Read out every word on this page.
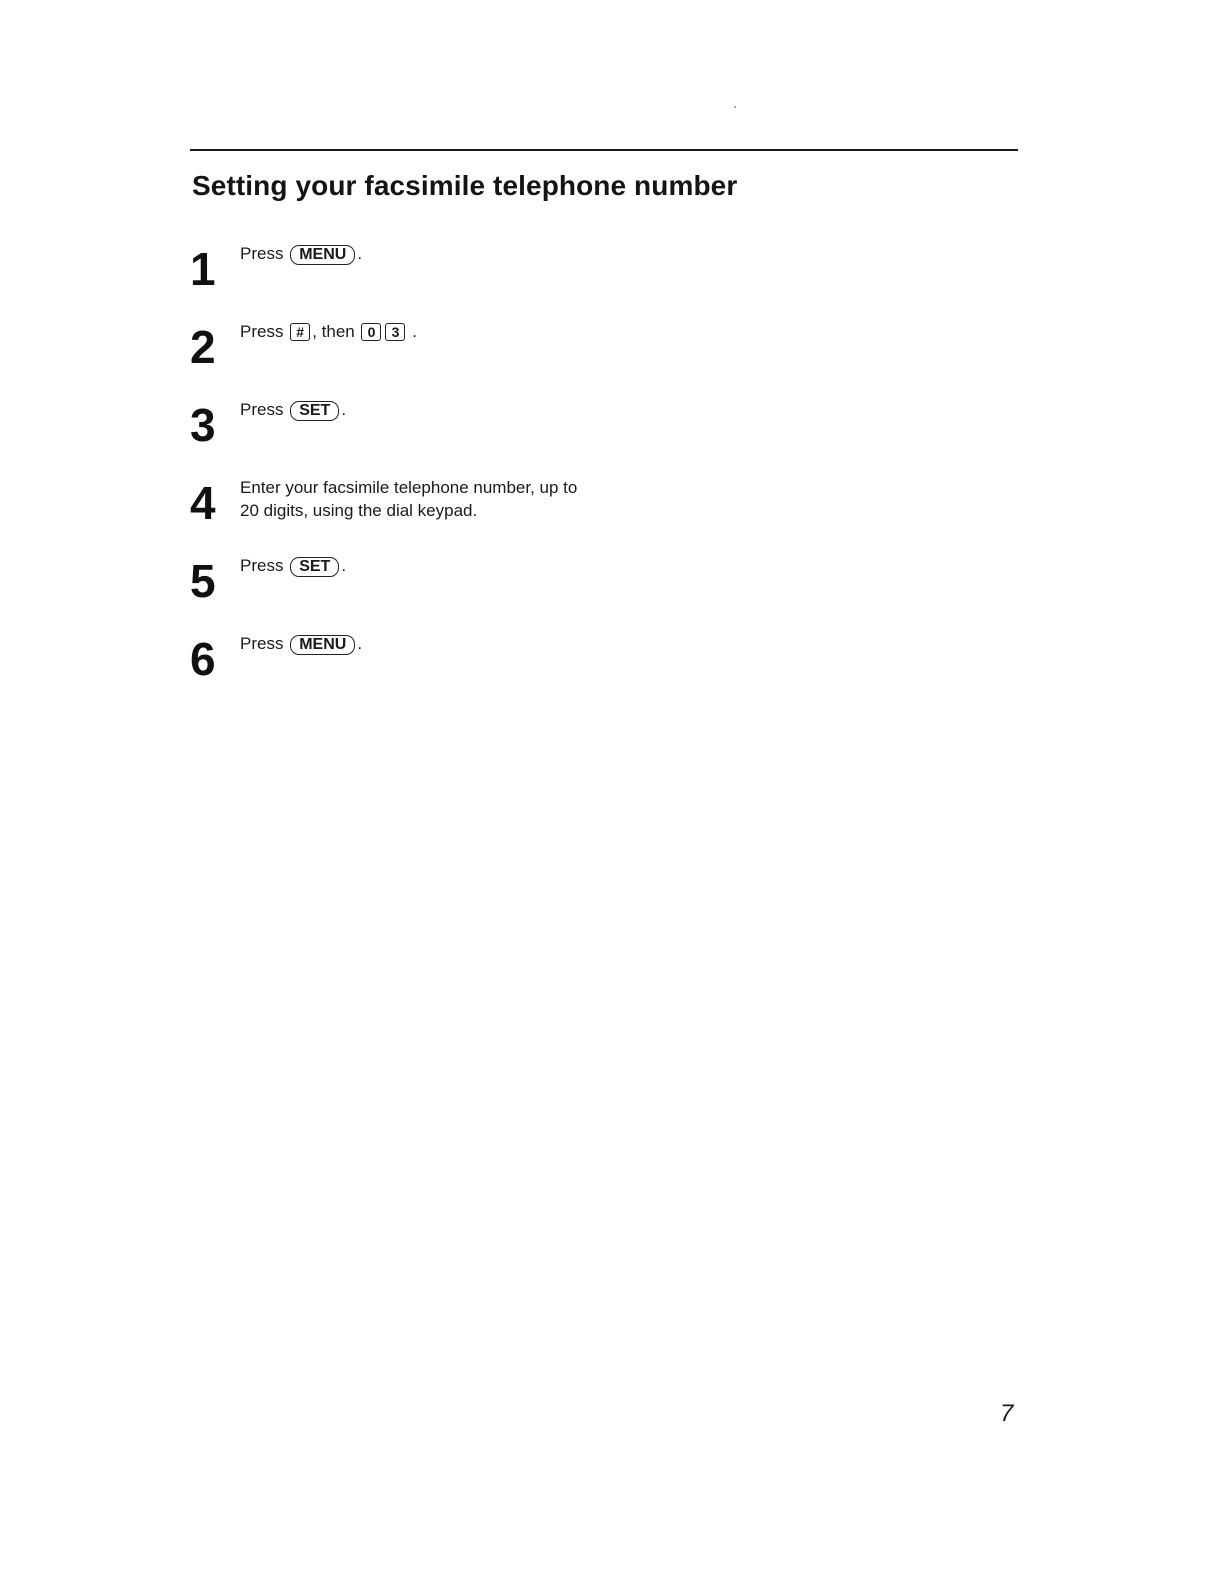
Setting your facsimile telephone number
1 Press MENU .
2 Press # , then 0 3 .
3 Press SET .
4 Enter your facsimile telephone number, up to
20 digits, using the dial keypad.
5 Press SET .
6 Press MENU .
7
